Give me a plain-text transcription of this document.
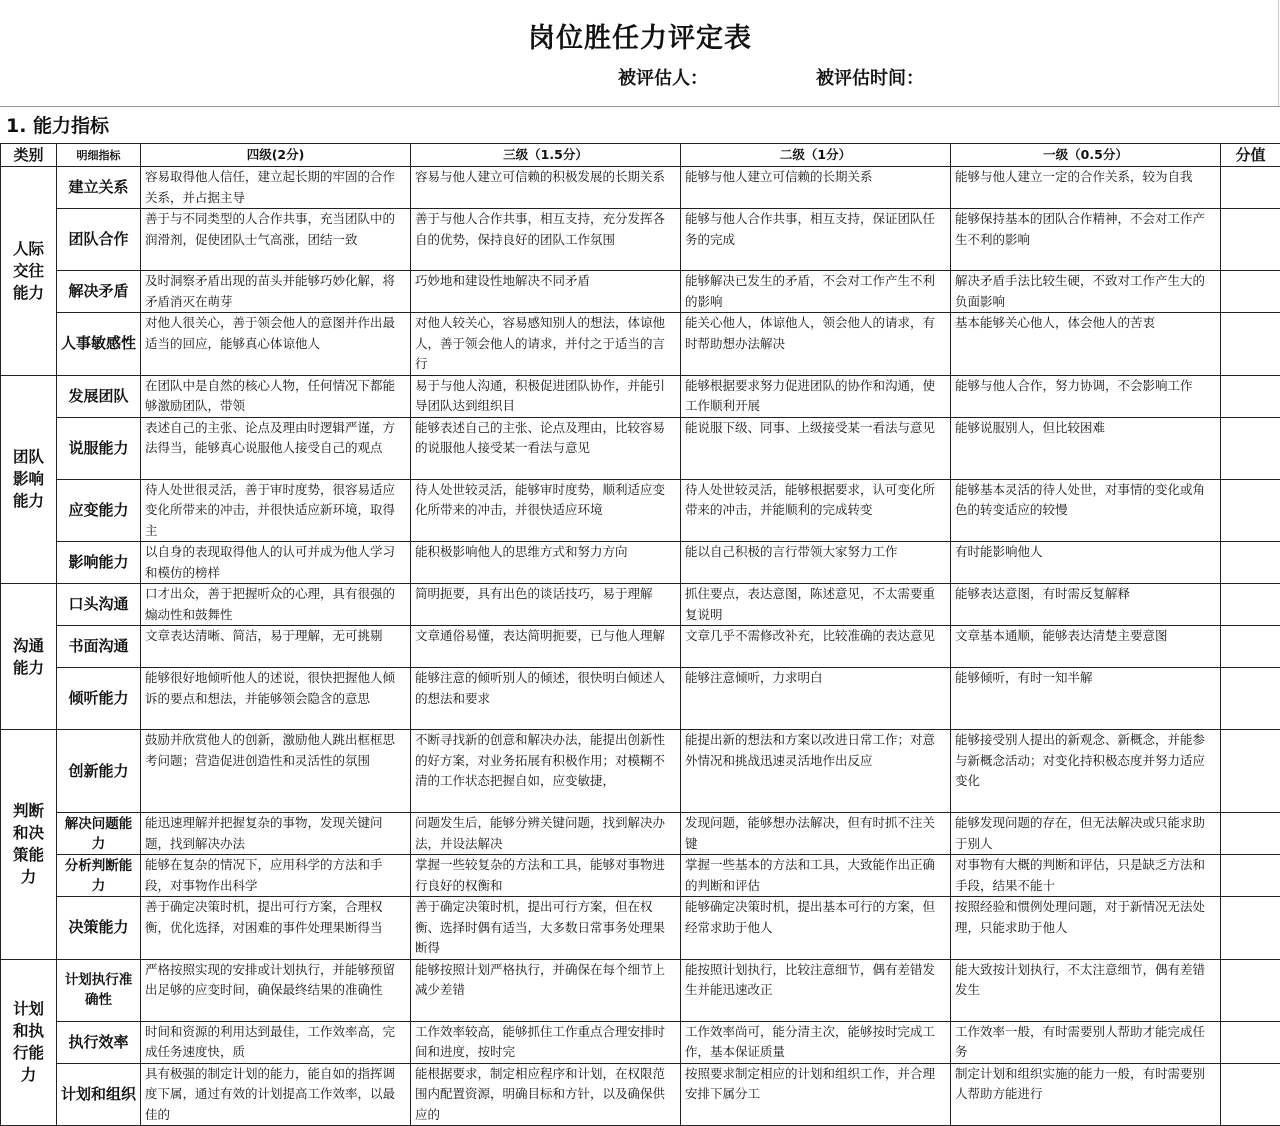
岗位胜任力评定表
被评估人：	被评估时间：
1. 能力指标
类别	明细指标	四级(2分)	三级（1.5分）	二级（1分）	一级（0.5分）	分值
人际交往能力	建立关系	容易取得他人信任，建立起长期的牢固的合作关系，并占据主导	容易与他人建立可信赖的积极发展的长期关系	能够与他人建立可信赖的长期关系	能够与他人建立一定的合作关系，较为自我	
	团队合作	善于与不同类型的人合作共事，充当团队中的润滑剂，促使团队士气高涨，团结一致	善于与他人合作共事，相互支持，充分发挥各自的优势，保持良好的团队工作氛围	能够与他人合作共事，相互支持，保证团队任务的完成	能够保持基本的团队合作精神，不会对工作产生不利的影响	
	解决矛盾	及时洞察矛盾出现的苗头并能够巧妙化解，将矛盾消灭在萌芽	巧妙地和建设性地解决不同矛盾	能够解决已发生的矛盾，不会对工作产生不利的影响	解决矛盾手法比较生硬，不致对工作产生大的负面影响	
	人事敏感性	对他人很关心，善于领会他人的意图并作出最适当的回应，能够真心体谅他人	对他人较关心，容易感知别人的想法，体谅他人，善于领会他人的请求，并付之于适当的言行	能关心他人，体谅他人，领会他人的请求，有时帮助想办法解决	基本能够关心他人，体会他人的苦衷	
团队影响能力	发展团队	在团队中是自然的核心人物，任何情况下都能够激励团队，带领	易于与他人沟通，积极促进团队协作，并能引导团队达到组织目	能够根据要求努力促进团队的协作和沟通，使工作顺利开展	能够与他人合作，努力协调，不会影响工作	
	说服能力	表述自己的主张、论点及理由时逻辑严谨，方法得当，能够真心说服他人接受自己的观点	能够表述自己的主张、论点及理由，比较容易的说服他人接受某一看法与意见	能说服下级、同事、上级接受某一看法与意见	能够说服别人，但比较困难	
	应变能力	待人处世很灵活，善于审时度势，很容易适应变化所带来的冲击，并很快适应新环境，取得主	待人处世较灵活，能够审时度势，顺利适应变化所带来的冲击，并很快适应环境	待人处世较灵活，能够根据要求，认可变化所带来的冲击，并能顺利的完成转变	能够基本灵活的待人处世，对事情的变化或角色的转变适应的较慢	
	影响能力	以自身的表现取得他人的认可并成为他人学习和模仿的榜样	能积极影响他人的思维方式和努力方向	能以自己积极的言行带领大家努力工作	有时能影响他人	
沟通能力	口头沟通	口才出众，善于把握听众的心理，具有很强的煽动性和鼓舞性	简明扼要，具有出色的谈话技巧，易于理解	抓住要点，表达意图，陈述意见，不太需要重复说明	能够表达意图，有时需反复解释	
	书面沟通	文章表达清晰、简洁，易于理解，无可挑剔	文章通俗易懂，表达简明扼要，已与他人理解	文章几乎不需修改补充，比较准确的表达意见	文章基本通顺，能够表达清楚主要意图	
	倾听能力	能够很好地倾听他人的述说，很快把握他人倾诉的要点和想法，并能够领会隐含的意思	能够注意的倾听别人的倾述，很快明白倾述人的想法和要求	能够注意倾听，力求明白	能够倾听，有时一知半解	
判断和决策能力	创新能力	鼓励并欣赏他人的创新，激励他人跳出框框思考问题；营造促进创造性和灵活性的氛围	不断寻找新的创意和解决办法，能提出创新性的好方案，对业务拓展有积极作用；对模糊不清的工作状态把握自如，应变敏捷，	能提出新的想法和方案以改进日常工作；对意外情况和挑战迅速灵活地作出反应	能够接受别人提出的新观念、新概念，并能参与新概念活动；对变化持积极态度并努力适应变化	
	解决问题能力	能迅速理解并把握复杂的事物，发现关键问题，找到解决办法	问题发生后，能够分辨关键问题，找到解决办法，并设法解决	发现问题，能够想办法解决，但有时抓不注关键	能够发现问题的存在，但无法解决或只能求助于别人	
	分析判断能力	能够在复杂的情况下，应用科学的方法和手段，对事物作出科学	掌握一些较复杂的方法和工具，能够对事物进行良好的权衡和	掌握一些基本的方法和工具，大致能作出正确的判断和评估	对事物有大概的判断和评估，只是缺乏方法和手段，结果不能十	
	决策能力	善于确定决策时机，提出可行方案，合理权衡，优化选择，对困难的事件处理果断得当	善于确定决策时机，提出可行方案，但在权衡、选择时偶有适当，大多数日常事务处理果断得	能够确定决策时机，提出基本可行的方案，但经常求助于他人	按照经验和惯例处理问题，对于新情况无法处理，只能求助于他人	
计划和执行能力	计划执行准确性	严格按照实现的安排或计划执行，并能够预留出足够的应变时间，确保最终结果的准确性	能够按照计划严格执行，并确保在每个细节上减少差错	能按照计划执行，比较注意细节，偶有差错发生并能迅速改正	能大致按计划执行，不太注意细节，偶有差错发生	
	执行效率	时间和资源的利用达到最佳，工作效率高，完成任务速度快，质	工作效率较高，能够抓住工作重点合理安排时间和进度，按时完	工作效率尚可，能分清主次，能够按时完成工作，基本保证质量	工作效率一般，有时需要别人帮助才能完成任务	
	计划和组织	具有极强的制定计划的能力，能自如的指挥调度下属，通过有效的计划提高工作效率，以最佳的	能根据要求，制定相应程序和计划，在权限范围内配置资源，明确目标和方针，以及确保供应的	按照要求制定相应的计划和组织工作，并合理安排下属分工	制定计划和组织实施的能力一般，有时需要别人帮助方能进行	
